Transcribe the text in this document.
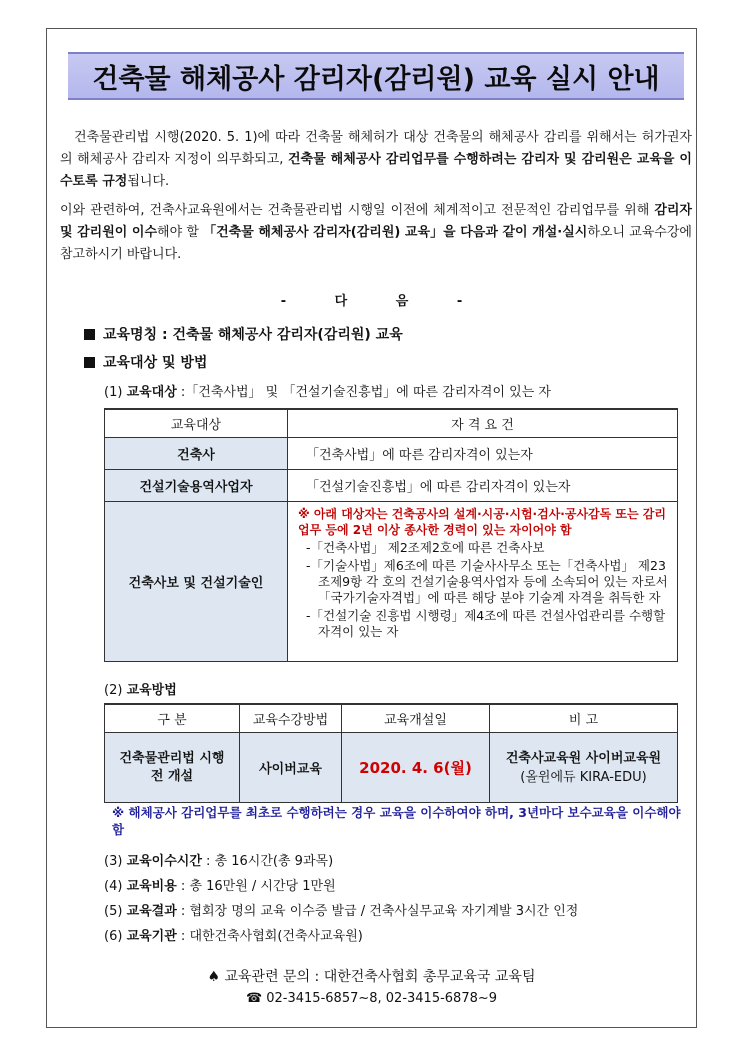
건축물 해체공사 감리자(감리원) 교육 실시 안내

건축물관리법 시행(2020. 5. 1)에 따라 건축물 해체허가 대상 건축물의 해체공사 감리를 위해서는 허가권자의 해체공사 감리자 지정이 의무화되고, 건축물 해체공사 감리업무를 수행하려는 감리자 및 감리원은 교육을 이수토록 규정됩니다.

이와 관련하여, 건축사교육원에서는 건축물관리법 시행일 이전에 체계적이고 전문적인 감리업무를 위해 감리자 및 감리원이 이수해야 할 「건축물 해체공사 감리자(감리원) 교육」을 다음과 같이 개설·실시하오니 교육수강에 참고하시기 바랍니다.

- 다 음 -
교육명칭 : 건축물 해체공사 감리자(감리원) 교육
교육대상 및 방법
(1) 교육대상 :「건축사법」 및 「건설기술진흥법」에 따른 감리자격이 있는 자
교육대상	자 격 요 건
건축사	「건축사법」에 따른 감리자격이 있는자
건설기술용역사업자	「건설기술진흥법」에 따른 감리자격이 있는자
건축사보 및 건설기술인	※ 아래 대상자는 건축공사의 설계·시공·시험·검사·공사감독 또는 감리업무 등에 2년 이상 종사한 경력이 있는 자이어야 함
-「건축사법」 제2조제2호에 따른 건축사보
-「기술사법」제6조에 따른 기술사사무소 또는「건축사법」 제23조제9항 각 호의 건설기술용역사업자 등에 소속되어 있는 자로서「국가기술자격법」에 따른 해당 분야 기술계 자격을 취득한 자
-「건설기술 진흥법 시행령」제4조에 따른 건설사업관리를 수행할 자격이 있는 자
(2) 교육방법
구 분	교육수강방법	교육개설일	비 고
건축물관리법 시행전 개설	사이버교육	2020. 4. 6(월)	건축사교육원 사이버교육원
(올윈에듀 KIRA-EDU)
※ 해체공사 감리업무를 최초로 수행하려는 경우 교육을 이수하여야 하며, 3년마다 보수교육을 이수해야 함
(3) 교육이수시간 : 총 16시간(총 9과목)
(4) 교육비용 : 총 16만원 / 시간당 1만원
(5) 교육결과 : 협회장 명의 교육 이수증 발급 / 건축사실무교육 자기계발 3시간 인정
(6) 교육기관 : 대한건축사협회(건축사교육원)
♠ 교육관련 문의 : 대한건축사협회 총무교육국 교육팀
☎ 02-3415-6857~8, 02-3415-6878~9
